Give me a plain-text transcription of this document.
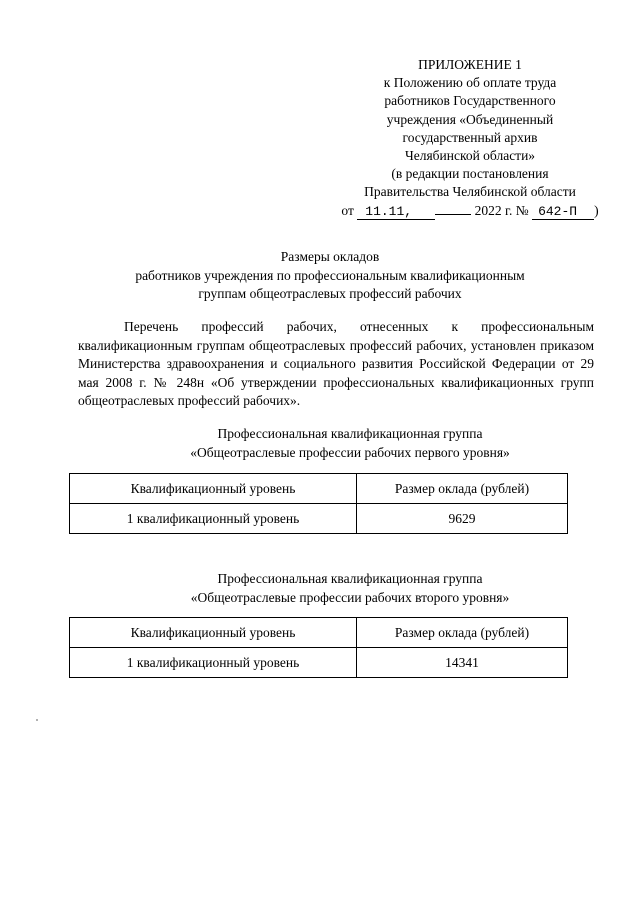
ПРИЛОЖЕНИЕ 1
к Положению об оплате труда
работников Государственного
учреждения «Объединенный
государственный архив
Челябинской области»
(в редакции постановления
Правительства Челябинской области
от 11.11,	2022 г. № 642-П )
Размеры окладов
работников учреждения по профессиональным квалификационным
группам общеотраслевых профессий рабочих
Перечень профессий рабочих, отнесенных к профессиональным квалификационным группам общеотраслевых профессий рабочих, установлен приказом Министерства здравоохранения и социального развития Российской Федерации от 29 мая 2008 г. № 248н «Об утверждении профессиональных квалификационных групп общеотраслевых профессий рабочих».
Профессиональная квалификационная группа
«Общеотраслевые профессии рабочих первого уровня»
Квалификационный уровень	Размер оклада (рублей)
1 квалификационный уровень	9629
Профессиональная квалификационная группа
«Общеотраслевые профессии рабочих второго уровня»
Квалификационный уровень	Размер оклада (рублей)
1 квалификационный уровень	14341
